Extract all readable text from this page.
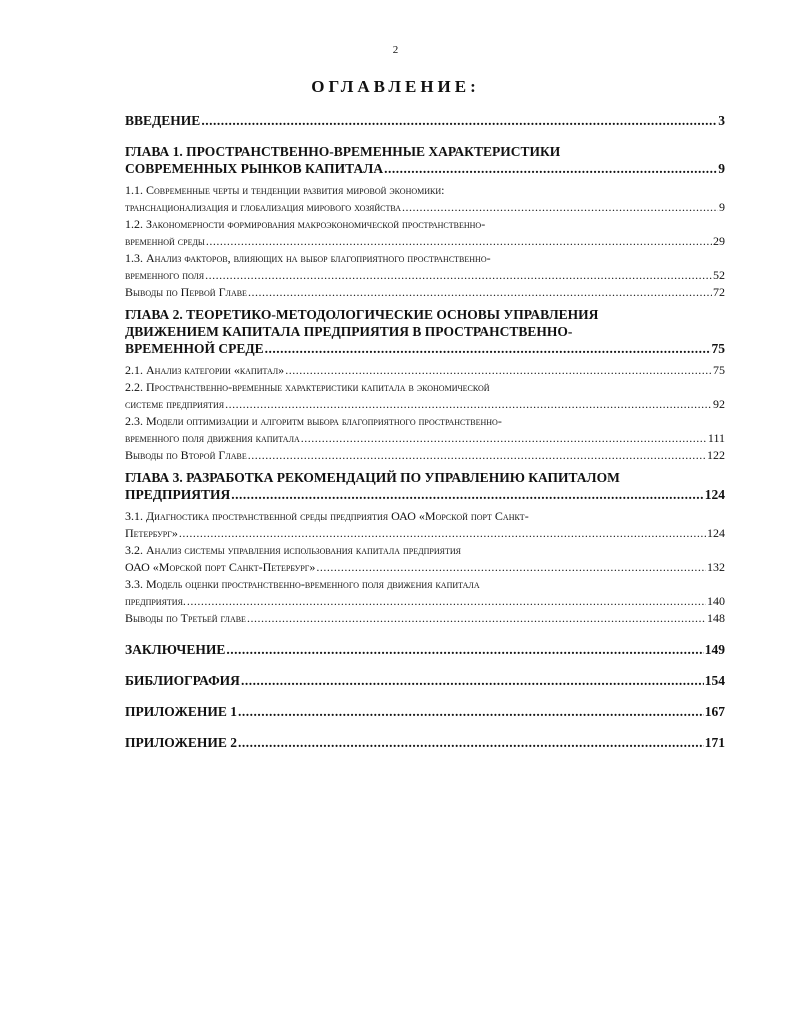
2
ОГЛАВЛЕНИЕ:
ВВЕДЕНИЕ .....	3
ГЛАВА 1. ПРОСТРАНСТВЕННО-ВРЕМЕННЫЕ ХАРАКТЕРИСТИКИ
СОВРЕМЕННЫХ РЫНКОВ КАПИТАЛА .....	9
1.1. Современные черты и тенденции развития мировой экономики:
транснационализация и глобализация мирового хозяйства .....	9
1.2. Закономерности формирования макроэкономической пространственно-
временной среды .....	29
1.3. Анализ факторов, влияющих на выбор благоприятного пространственно-
временного поля .....	52
Выводы по Первой Главе .....	72
ГЛАВА 2. ТЕОРЕТИКО-МЕТОДОЛОГИЧЕСКИЕ ОСНОВЫ УПРАВЛЕНИЯ
ДВИЖЕНИЕМ КАПИТАЛА ПРЕДПРИЯТИЯ В ПРОСТРАНСТВЕННО-
ВРЕМЕННОЙ СРЕДЕ .....	75
2.1. Анализ категории «капитал» .....	75
2.2. Пространственно-временные характеристики капитала в экономической
системе предприятия .....	92
2.3. Модели оптимизации и алгоритм выбора благоприятного пространственно-
временного поля движения капитала .....	111
Выводы по Второй Главе .....	122
ГЛАВА 3. РАЗРАБОТКА РЕКОМЕНДАЦИЙ ПО УПРАВЛЕНИЮ КАПИТАЛОМ
ПРЕДПРИЯТИЯ .....	124
3.1. Диагностика пространственной среды предприятия ОАО «Морской порт Санкт-
Петербург» .....	124
3.2. Анализ системы управления использования капитала предприятия
ОАО «Морской порт Санкт-Петербург» .....	132
3.3. Модель оценки пространственно-временного поля движения капитала
предприятия. .....	140
Выводы по Третьей главе .....	148
ЗАКЛЮЧЕНИЕ .....	149
БИБЛИОГРАФИЯ .....	154
ПРИЛОЖЕНИЕ 1 .....	167
ПРИЛОЖЕНИЕ 2 .....	171
